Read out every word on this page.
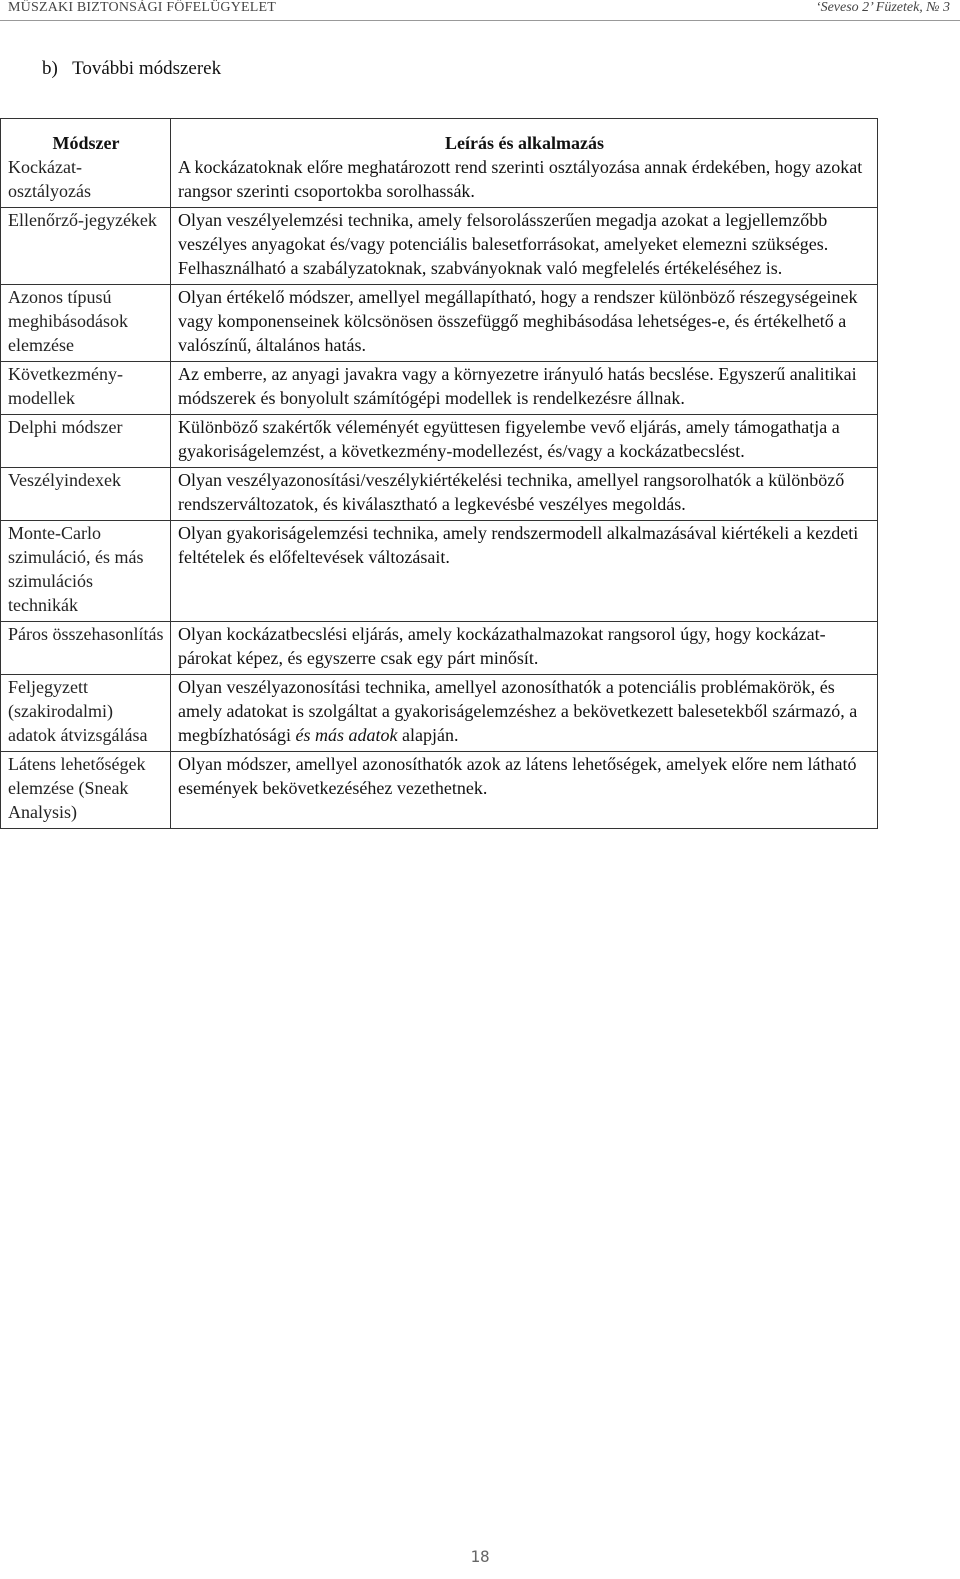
MŰSZAKI BIZTONSÁGI FŐFELÜGYELET	‘Seveso 2’ Füzetek, № 3
b)   További módszerek
Módszer	Leírás és alkalmazás
Kockázat-osztályozás	A kockázatoknak előre meghatározott rend szerinti osztályozása annak érdekében, hogy azokat rangsor szerinti csoportokba sorolhassák.
Ellenőrző-jegyzékek	Olyan veszélyelemzési technika, amely felsorolásszerűen megadja azokat a legjellemzőbb veszélyes anyagokat és/vagy potenciális balesetforrásokat, amelyeket elemezni szükséges. Felhasználható a szabályzatoknak, szabványoknak való megfelelés értékeléséhez is.
Azonos típusú meghibásodások elemzése	Olyan értékelő módszer, amellyel megállapítható, hogy a rendszer különböző részegységeinek vagy komponenseinek kölcsönösen összefüggő meghibásodása lehetséges-e, és értékelhető a valószínű, általános hatás.
Következmény-modellek	Az emberre, az anyagi javakra vagy a környezetre irányuló hatás becslése. Egyszerű analitikai módszerek és bonyolult számítógépi modellek is rendelkezésre állnak.
Delphi módszer	Különböző szakértők véleményét együttesen figyelembe vevő eljárás, amely támogathatja a gyakoriságelemzést, a következmény-modellezést, és/vagy a kockázatbecslést.
Veszélyindexek	Olyan veszélyazonosítási/veszélykiértékelési technika, amellyel rangsorolhatók a különböző rendszerváltozatok, és kiválasztható a legkevésbé veszélyes megoldás.
Monte-Carlo szimuláció, és más szimulációs technikák	Olyan gyakoriságelemzési technika, amely rendszermodell alkalmazásával kiértékeli a kezdeti feltételek és előfeltevések változásait.
Páros összehasonlítás	Olyan kockázatbecslési eljárás, amely kockázathalmazokat rangsorol úgy, hogy kockázat-párokat képez, és egyszerre csak egy párt minősít.
Feljegyzett (szakirodalmi) adatok átvizsgálása	Olyan veszélyazonosítási technika, amellyel azonosíthatók a potenciális problémakörök, és amely adatokat is szolgáltat a gyakoriságelemzéshez a bekövetkezett balesetekből származó, a megbízhatósági és más adatok alapján.
Látens lehetőségek elemzése (Sneak Analysis)	Olyan módszer, amellyel azonosíthatók azok az látens lehetőségek, amelyek előre nem látható események bekövetkezéséhez vezethetnek.
18
